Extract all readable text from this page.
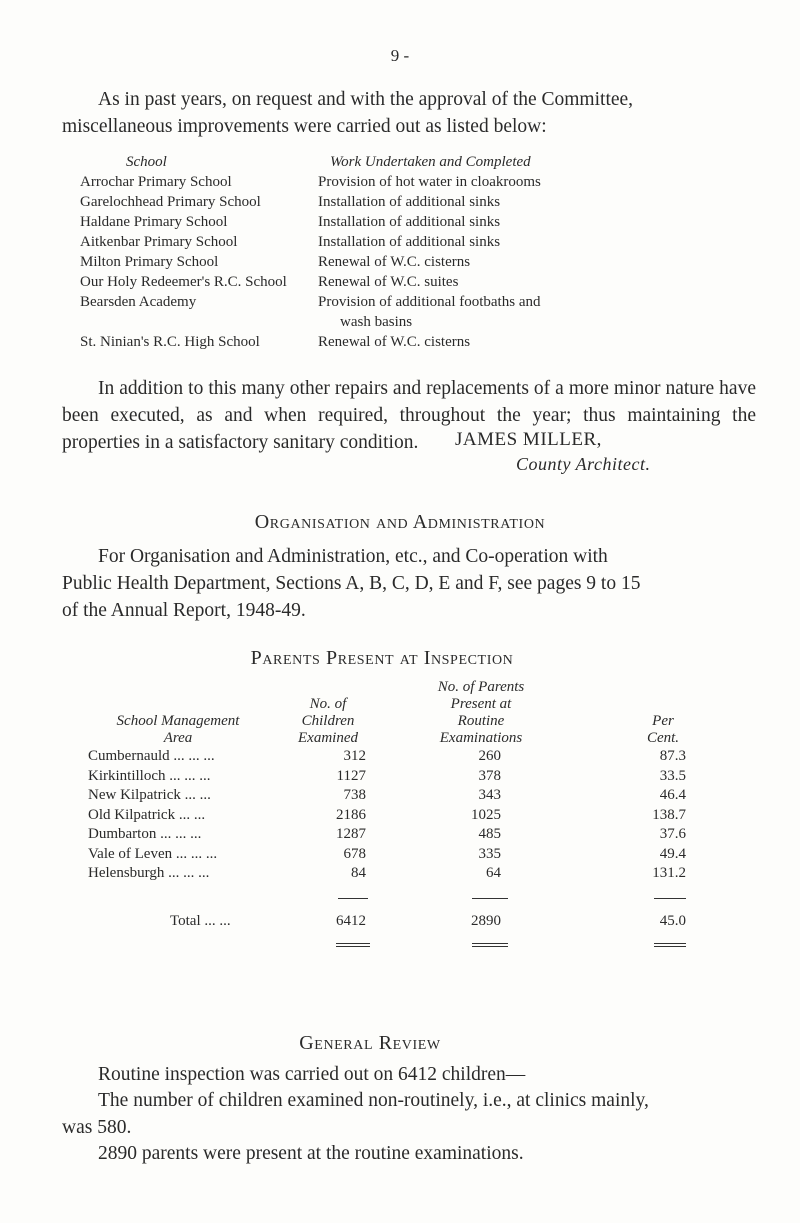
9 -
As in past years, on request and with the approval of the Committee,
miscellaneous improvements were carried out as listed below:
School	Work Undertaken and Completed
Arrochar Primary School	Provision of hot water in cloakrooms
Garelochhead Primary School	Installation of additional sinks
Haldane Primary School	Installation of additional sinks
Aitkenbar Primary School	Installation of additional sinks
Milton Primary School	Renewal of W.C. cisterns
Our Holy Redeemer's R.C. School	Renewal of W.C. suites
Bearsden Academy	Provision of additional footbaths and
wash basins
St. Ninian's R.C. High School	Renewal of W.C. cisterns
In addition to this many other repairs and replacements of a more minor nature have been executed, as and when required, throughout the year; thus maintaining the properties in a satisfactory sanitary condition.	JAMES MILLER,
County Architect.
Organisation and Administration
For Organisation and Administration, etc., and Co-operation with
Public Health Department, Sections A, B, C, D, E and F, see pages 9 to 15
of the Annual Report, 1948-49.
Parents Present at Inspection
School Management
Area
No. of
Children
Examined
No. of Parents
Present at
Routine
Examinations
Per
Cent.
Cumbernauld ... ... ...	312	260	87.3
Kirkintilloch ... ... ...	1127	378	33.5
New Kilpatrick ... ...	738	343	46.4
Old Kilpatrick ... ...	2186	1025	138.7
Dumbarton ... ... ...	1287	485	37.6
Vale of Leven ... ... ...	678	335	49.4
Helensburgh ... ... ...	84	64	131.2
Total ... ...	6412	2890	45.0
General Review
Routine inspection was carried out on 6412 children—
The number of children examined non-routinely, i.e., at clinics mainly,
was 580.
2890 parents were present at the routine examinations.
